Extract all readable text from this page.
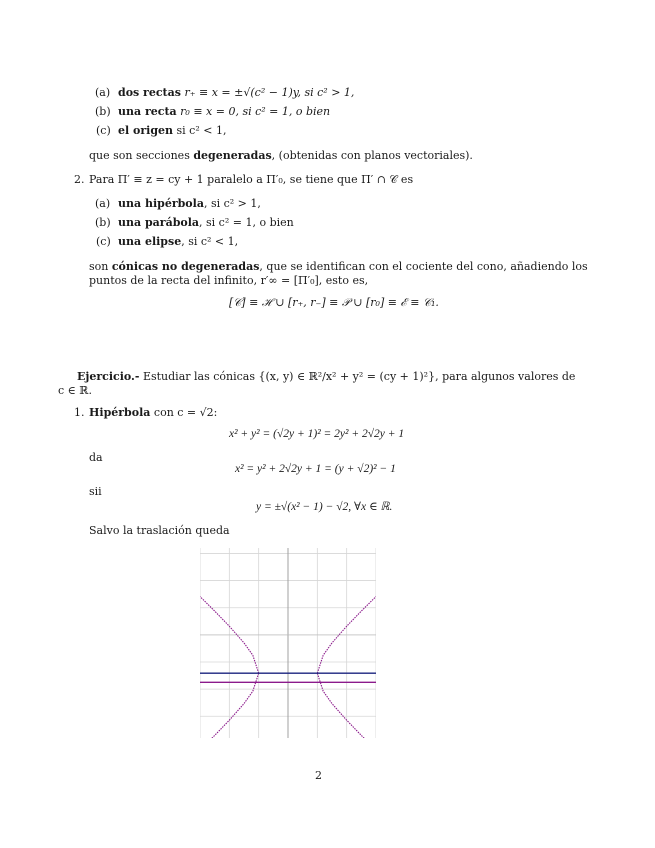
(a) dos rectas r₊ ≡ x = ±√(c² − 1)y, si c² > 1,
(b) una recta r₀ ≡ x = 0, si c² = 1, o bien
(c) el origen si c² < 1,
que son secciones degeneradas, (obtenidas con planos vectoriales).
2. Para Π′ ≡ z = cy + 1 paralelo a Π′₀, se tiene que Π′ ∩ 𝒞 es
(a) una hipérbola, si c² > 1,
(b) una parábola, si c² = 1, o bien
(c) una elipse, si c² < 1,
son cónicas no degeneradas, que se identifican con el cociente del cono, añadiendo los
puntos de la recta del infinito, r′∞ = [Π′₀], esto es,
[𝒞] ≡ ℋ ∪ [r₊, r₋] ≡ 𝒫 ∪ [r₀] ≡ ℰ ≡ 𝒞₁.
Ejercicio.- Estudiar las cónicas {(x, y) ∈ ℝ²/x² + y² = (cy + 1)²}, para algunos valores de
c ∈ ℝ.
1. Hipérbola con c = √2:
x² + y² = (√2y + 1)² = 2y² + 2√2y + 1
da
x² = y² + 2√2y + 1 = (y + √2)² − 1
sii
y = ±√(x² − 1) − √2, ∀x ∈ ℝ.
Salvo la traslación queda
2
